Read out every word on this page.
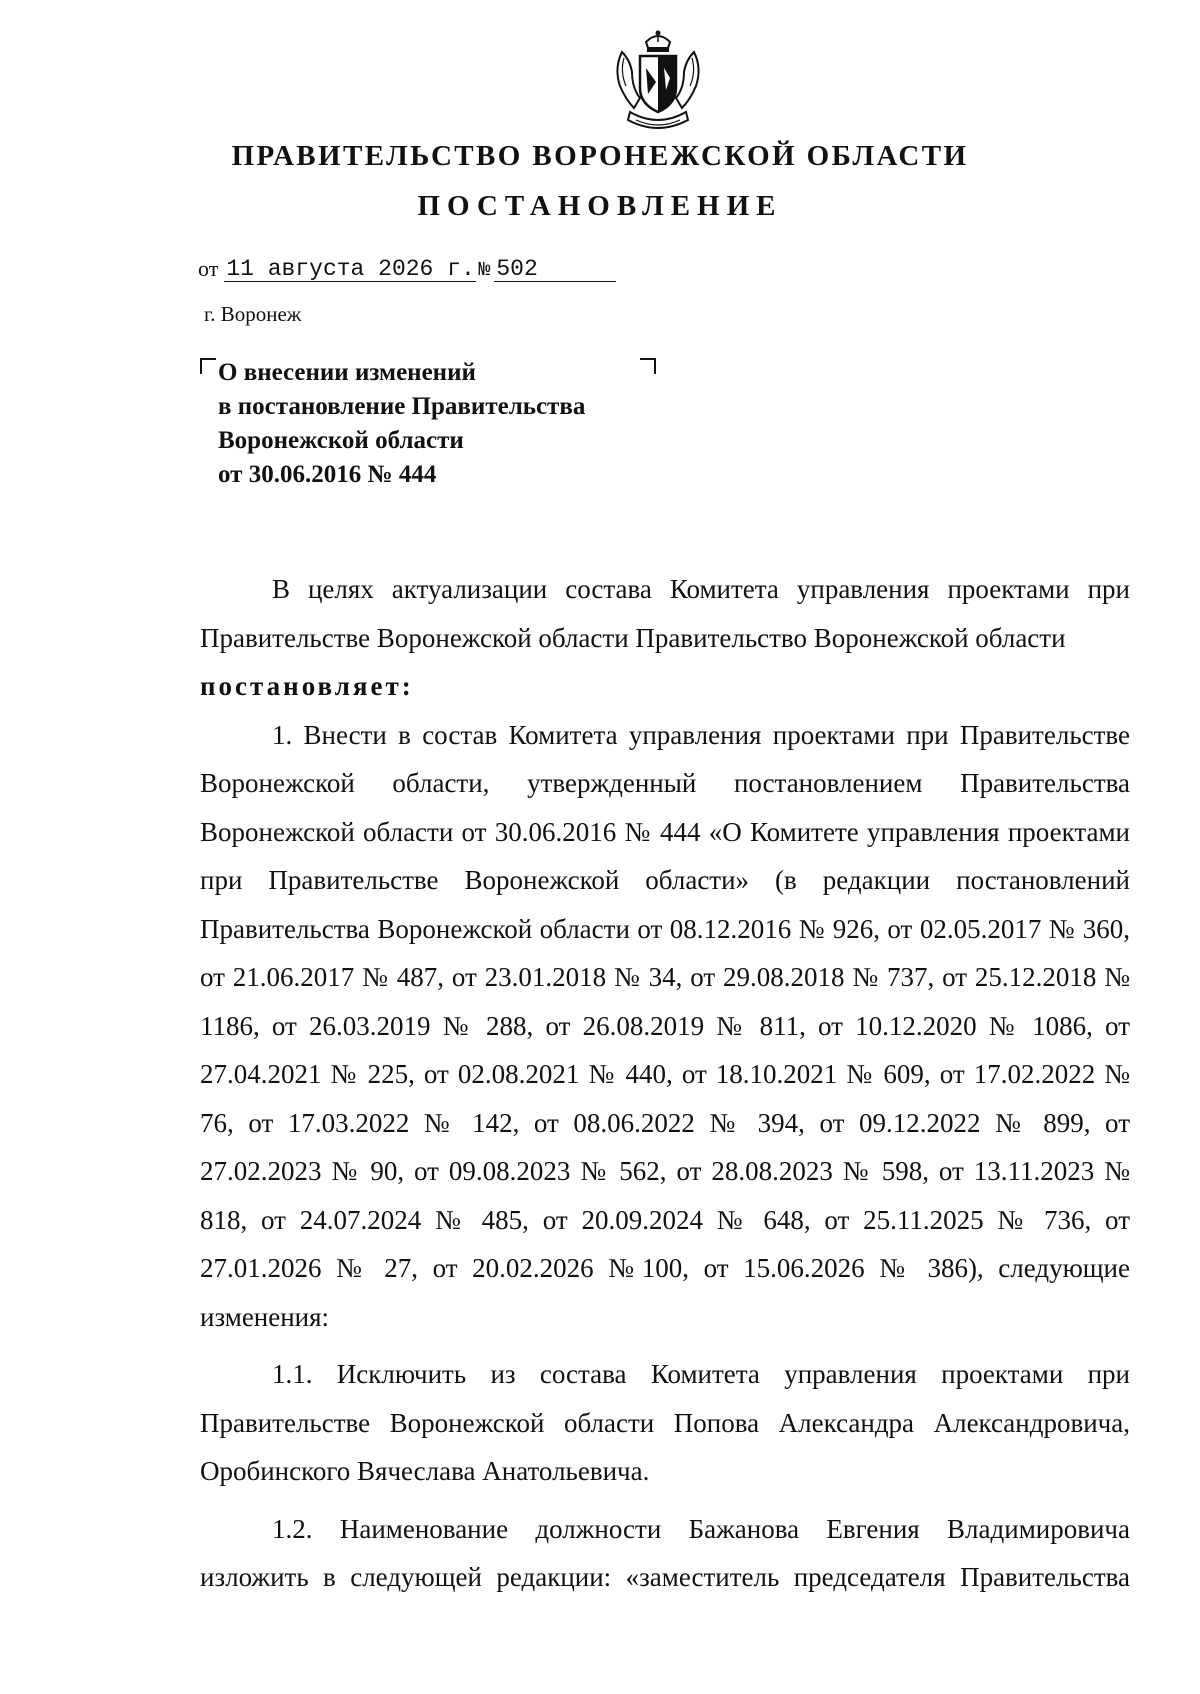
ПРАВИТЕЛЬСТВО ВОРОНЕЖСКОЙ ОБЛАСТИ
ПОСТАНОВЛЕНИЕ
от 11 августа 2026 г. № 502
г. Воронеж
О внесении изменений
в постановление Правительства
Воронежской области
от 30.06.2016 № 444

В целях актуализации состава Комитета управления проектами при Правительстве Воронежской области Правительство Воронежской области

постановляет:

1. Внести в состав Комитета управления проектами при Правительстве Воронежской области, утвержденный постановлением Правительства Воронежской области от 30.06.2016 № 444 «О Комитете управления проектами при Правительстве Воронежской области» (в редакции постановлений Правительства Воронежской области от 08.12.2016 № 926, от 02.05.2017 № 360, от 21.06.2017 № 487, от 23.01.2018 № 34, от 29.08.2018 № 737, от 25.12.2018 № 1186, от 26.03.2019 № 288, от 26.08.2019 № 811, от 10.12.2020 № 1086, от 27.04.2021 № 225, от 02.08.2021 № 440, от 18.10.2021 № 609, от 17.02.2022 № 76, от 17.03.2022 № 142, от 08.06.2022 № 394, от 09.12.2022 № 899, от 27.02.2023 № 90, от 09.08.2023 № 562, от 28.08.2023 № 598, от 13.11.2023 № 818, от 24.07.2024 № 485, от 20.09.2024 № 648, от 25.11.2025 № 736, от 27.01.2026 № 27, от 20.02.2026 №100, от 15.06.2026 № 386), следующие изменения:

1.1. Исключить из состава Комитета управления проектами при Правительстве Воронежской области Попова Александра Александровича, Оробинского Вячеслава Анатольевича.

1.2. Наименование должности Бажанова Евгения Владимировича изложить в следующей редакции: «заместитель председателя Правительства
